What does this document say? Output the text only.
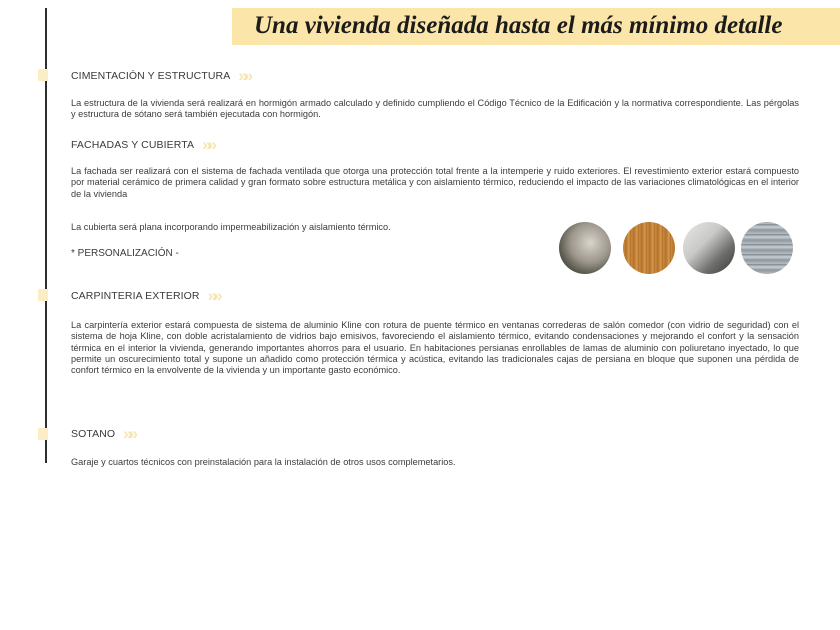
Una vivienda diseñada hasta el más mínimo detalle
CIMENTACIÓN Y ESTRUCTURA »»
La estructura de la vivienda será realizará en hormigón armado calculado y definido cumpliendo el Código Técnico de la Edificación y la normativa correspondiente. Las pérgolas y estructura de sótano será también ejecutada con hormigón.
FACHADAS Y CUBIERTA »»
La fachada ser realizará con el sistema de fachada ventilada que otorga una protección total frente a la intemperie y ruido exteriores. El revestimiento exterior estará compuesto por material cerámico de primera calidad y gran formato sobre estructura metálica y con aislamiento térmico, reduciendo el impacto de las variaciones climatológicas en el interior de la vivienda
La cubierta será plana incorporando impermeabilización y aislamiento térmico.
* PERSONALIZACIÓN -
CARPINTERIA EXTERIOR »»
La carpintería exterior estará compuesta de sistema de aluminio Kline con rotura de puente térmico en ventanas correderas de salón comedor (con vidrio de seguridad) con el sistema de hoja Kline, con doble acristalamiento de vidrios bajo emisivos, favoreciendo el aislamiento térmico, evitando condensaciones y mejorando el confort y la sensación térmica en el interior la vivienda, generando importantes ahorros para el usuario. En habitaciones persianas enrollables de lamas de aluminio con poliuretano inyectado, lo que permite un oscurecimiento total y supone un añadido como protección térmica y acústica, evitando las tradicionales cajas de persiana en bloque que suponen una pérdida de confort térmico en la envolvente de la vivienda y un importante gasto económico.
SOTANO »»
Garaje y cuartos técnicos con preinstalación para la instalación de otros usos complemetarios.
